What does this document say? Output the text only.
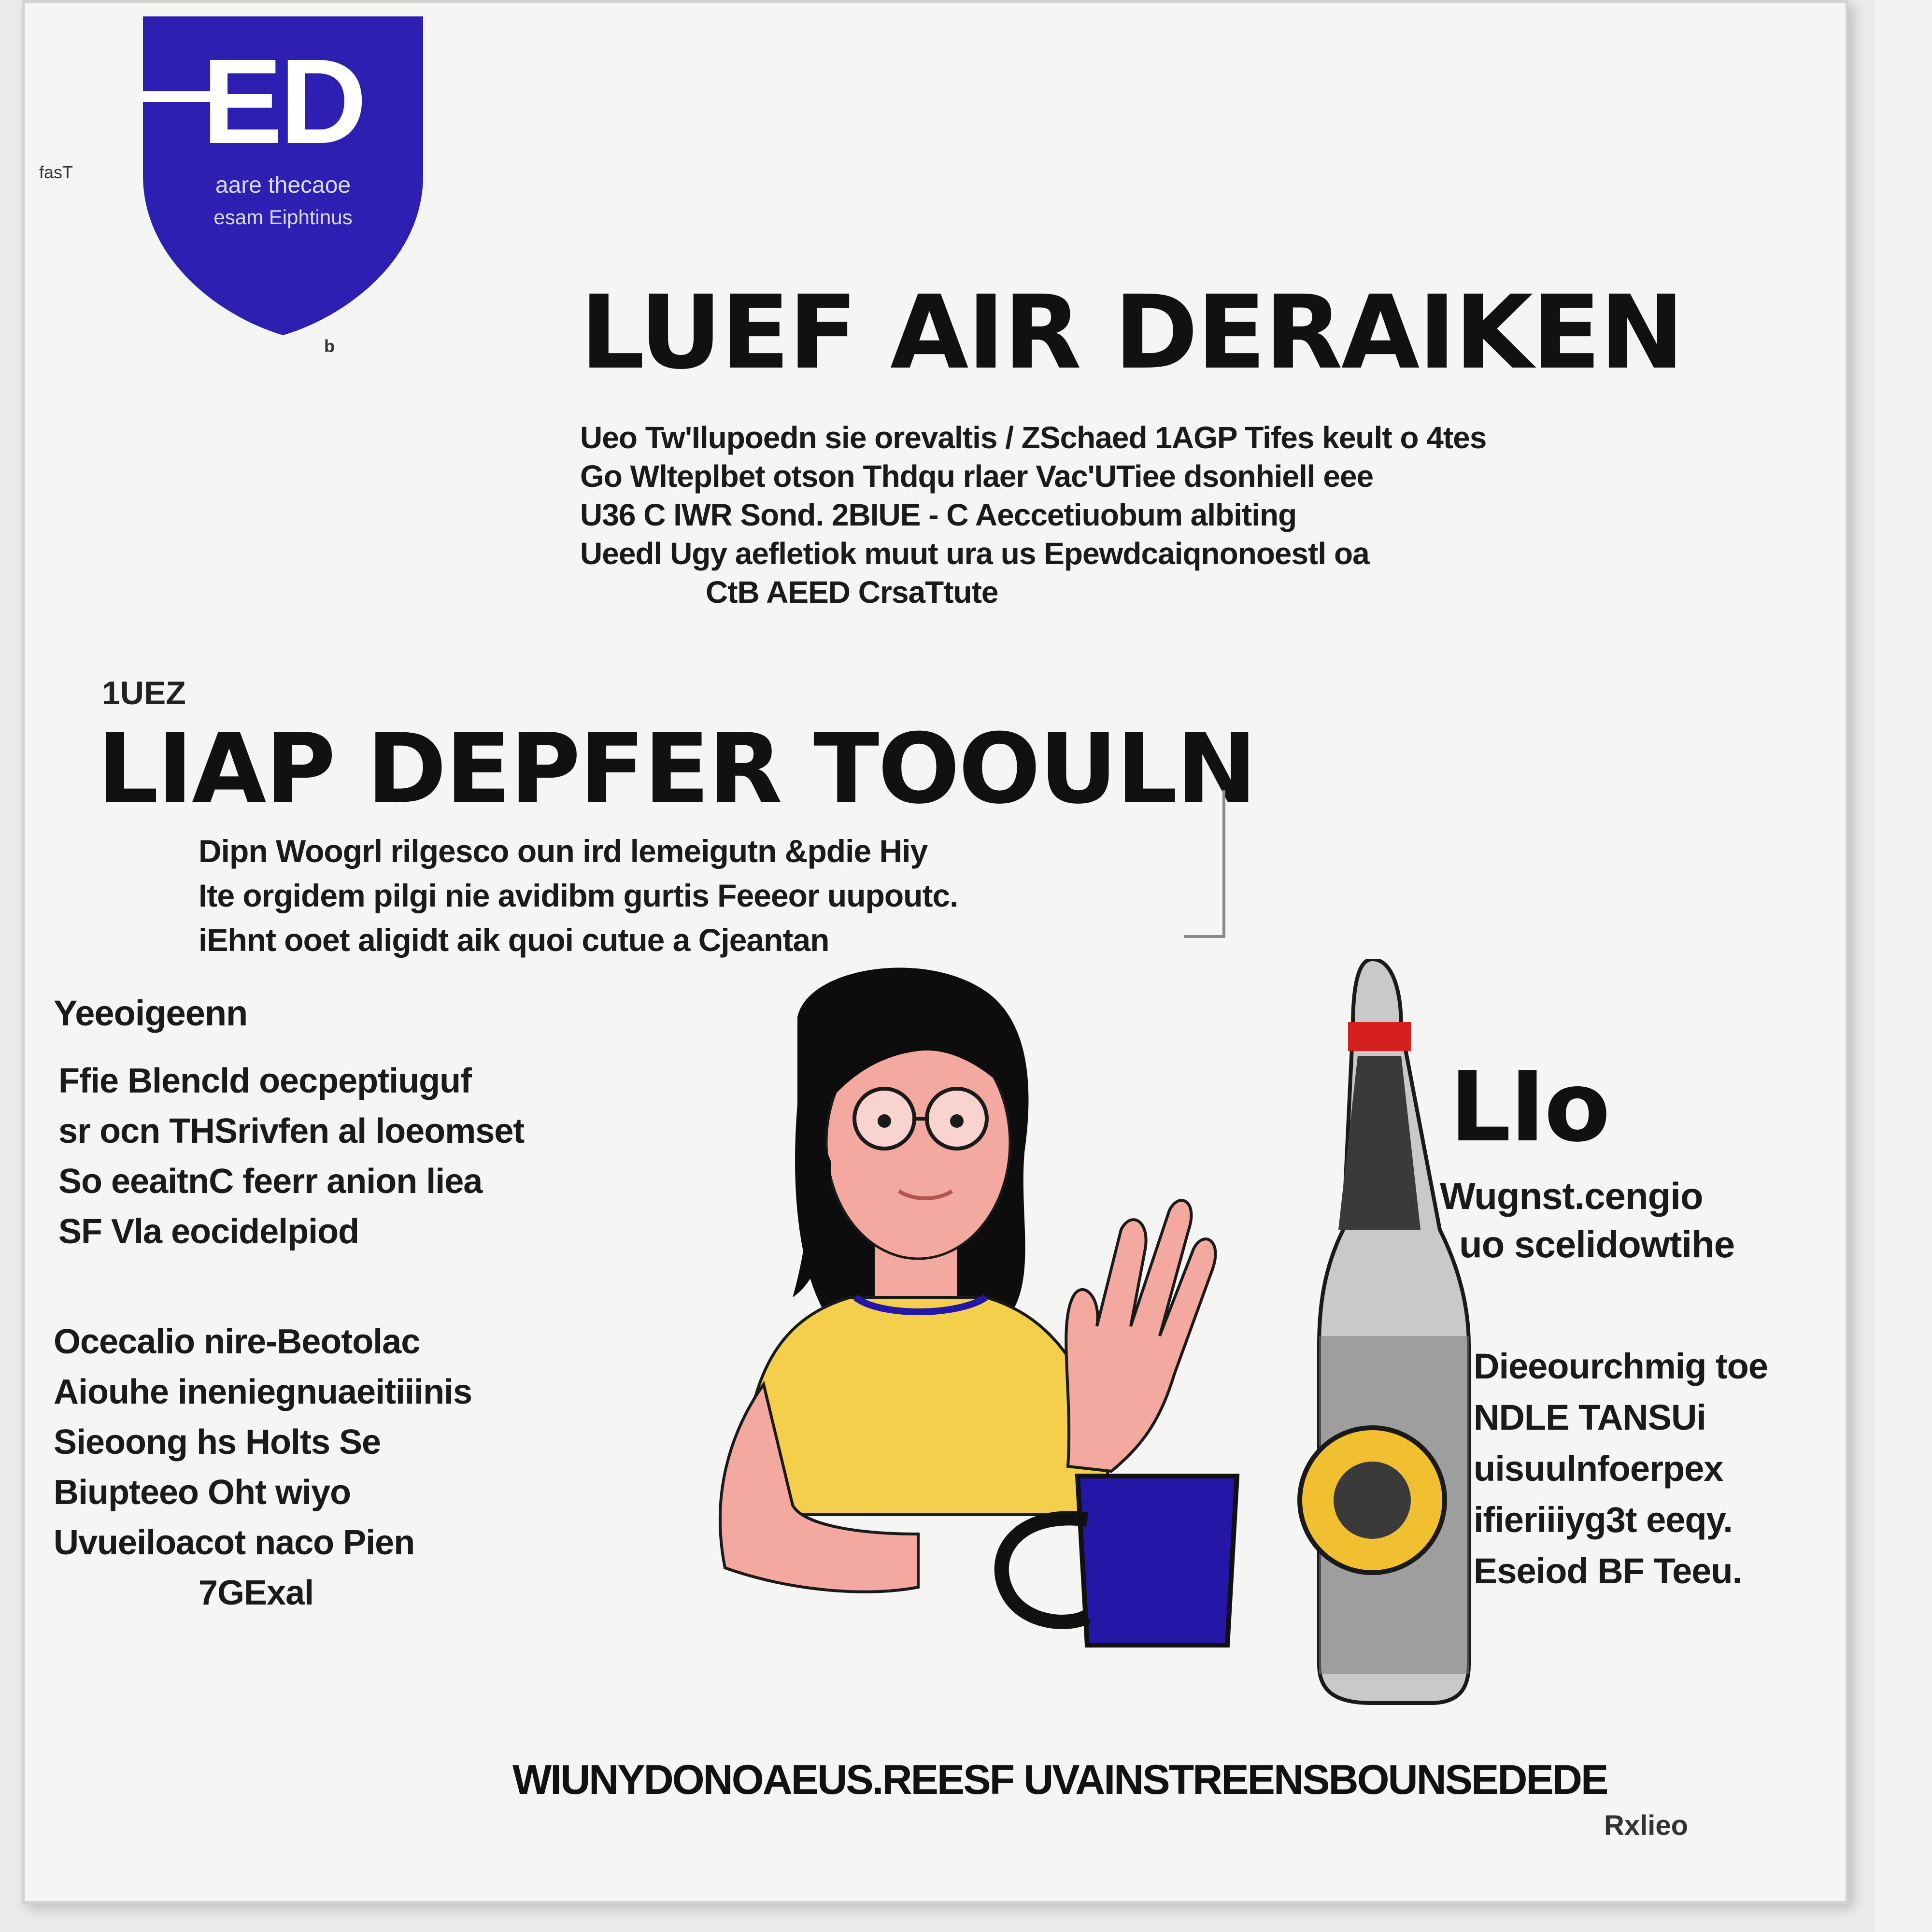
ED
aare thecaoe
esam Eiphtinus
fasT
b LUEF AIR DERAIKEN
Ueo Tw'Ilupoedn sie orevaltis / ZSchaed 1AGP Tifes keult o 4tes
Go Wlteplbet otson Thdqu rlaer Vac'UTiee dsonhiell eee
U36 C IWR Sond. 2BIUE - C Aeccetiuobum albiting
Ueedl Ugy aefletiok muut ura us Epewdcaiqnonoestl oa
CtB AEED CrsaTtute
1UEZ
LIAP DEPFER TOOULN
Dipn Woogrl rilgesco oun ird lemeigutn &pdie Hiy
Ite orgidem pilgi nie avidibm gurtis Feeeor uupoutc.
iEhnt ooet aligidt aik quoi cutue a Cjeantan
Yeeoigeenn
Ffie Blencld oecpeptiuguf
sr ocn THSrivfen al loeomset
So eeaitnC feerr anion liea
SF Vla eocidelpiod
Ocecalio nire-Beotolac
Aiouhe ineniegnuaeitiiinis
Sieoong hs Holts Se
Biupteeo Oht wiyo
Uvueiloacot naco Pien
7GExal
LIo
Wugnst.cengio
uo scelidowtihe
Dieeourchmig toe
NDLE TANSUi
uisuulnfoerpex
ifieriiiyg3t eeqy.
Eseiod BF Teeu.
WIUNYDONOAEUS.REESF UVAINSTREENSBOUNSEDEDE
Rxlieo
